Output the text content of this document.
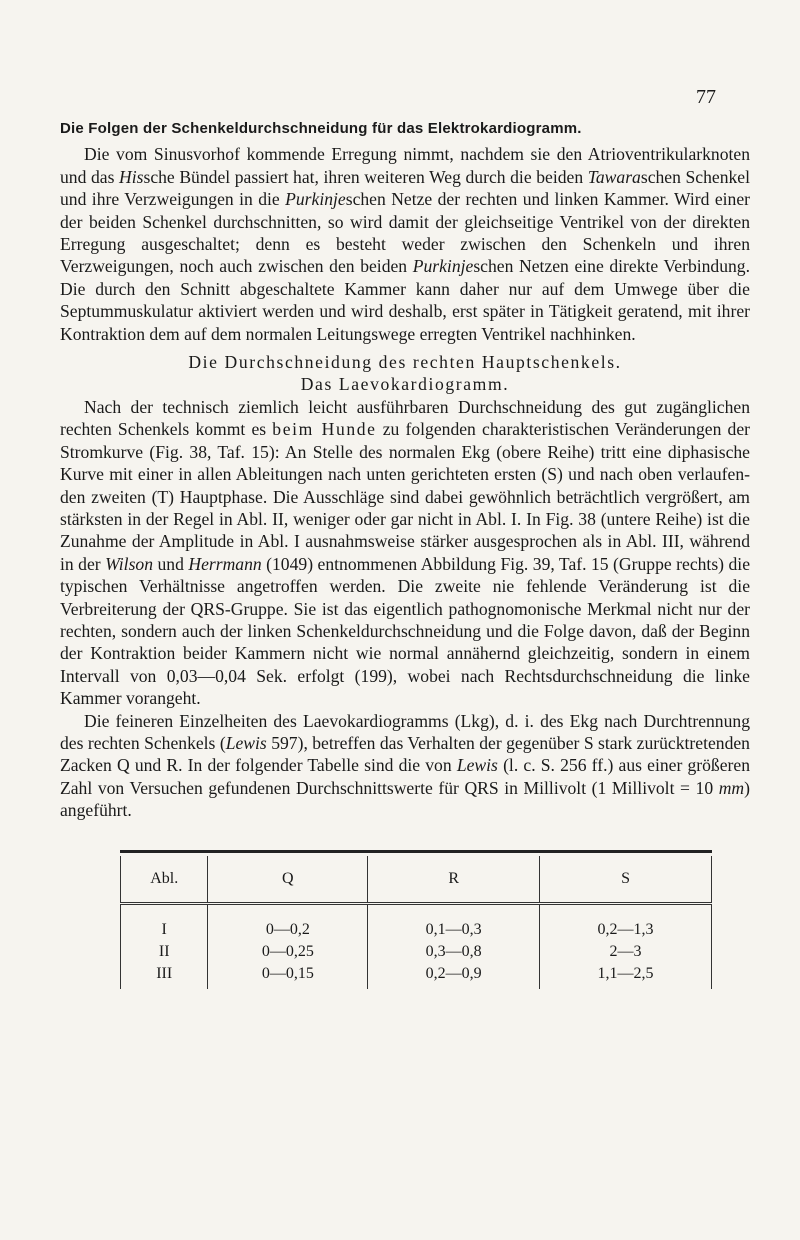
77
Die Folgen der Schenkeldurchschneidung für das Elektrokardiogramm.

Die vom Sinusvorhof kommende Erregung nimmt, nachdem sie den Atrioventrikularknoten und das Hissche Bündel passiert hat, ihren weiteren Weg durch die beiden Tawaraschen Schenkel und ihre Verzweigungen in die Purkinjeschen Netze der rechten und linken Kammer. Wird einer der beiden Schenkel durchschnitten, so wird damit der gleichseitige Ventrikel von der direkten Erregung ausgeschaltet; denn es besteht weder zwischen den Schenkeln und ihren Verzweigungen, noch auch zwischen den beiden Purkinjeschen Netzen eine direkte Verbindung. Die durch den Schnitt abgeschaltete Kammer kann daher nur auf dem Umwege über die Septummuskulatur aktiviert werden und wird deshalb, erst später in Tätigkeit geratend, mit ihrer Kontraktion dem auf dem normalen Leitungswege erregten Ventrikel nachhinken.

Die Durchschneidung des rechten Hauptschenkels.
Das Laevokardiogramm.

Nach der technisch ziemlich leicht ausführbaren Durchschneidung des gut zugänglichen rechten Schenkels kommt es beim Hunde zu folgenden charakteristischen Veränderungen der Stromkurve (Fig. 38, Taf. 15): An Stelle des normalen Ekg (obere Reihe) tritt eine diphasische Kurve mit einer in allen Ableitungen nach unten gerichteten ersten (S) und nach oben verlaufenden zweiten (T) Hauptphase. Die Ausschläge sind dabei gewöhnlich beträchtlich vergrößert, am stärksten in der Regel in Abl. II, weniger oder gar nicht in Abl. I. In Fig. 38 (untere Reihe) ist die Zunahme der Amplitude in Abl. I ausnahmsweise stärker ausgesprochen als in Abl. III, während in der Wilson und Herrmann (1049) entnommenen Abbildung Fig. 39, Taf. 15 (Gruppe rechts) die typischen Verhältnisse angetroffen werden. Die zweite nie fehlende Veränderung ist die Verbreiterung der QRS-Gruppe. Sie ist das eigentlich pathognomonische Merkmal nicht nur der rechten, sondern auch der linken Schenkeldurchschneidung und die Folge davon, daß der Beginn der Kontraktion beider Kammern nicht wie normal annähernd gleichzeitig, sondern in einem Intervall von 0,03—0,04 Sek. erfolgt (199), wobei nach Rechtsdurchschneidung die linke Kammer vorangeht.

Die feineren Einzelheiten des Laevokardiogramms (Lkg), d. i. des Ekg nach Durchtrennung des rechten Schenkels (Lewis 597), betreffen das Verhalten der gegenüber S stark zurücktretenden Zacken Q und R. In der folgender Tabelle sind die von Lewis (l. c. S. 256 ff.) aus einer größeren Zahl von Versuchen gefundenen Durchschnittswerte für QRS in Millivolt (1 Millivolt = 10 mm) angeführt.

Abl.	Q	R	S
I	0—0,2	0,1—0,3	0,2—1,3
II	0—0,25	0,3—0,8	2—3
III	0—0,15	0,2—0,9	1,1—2,5
